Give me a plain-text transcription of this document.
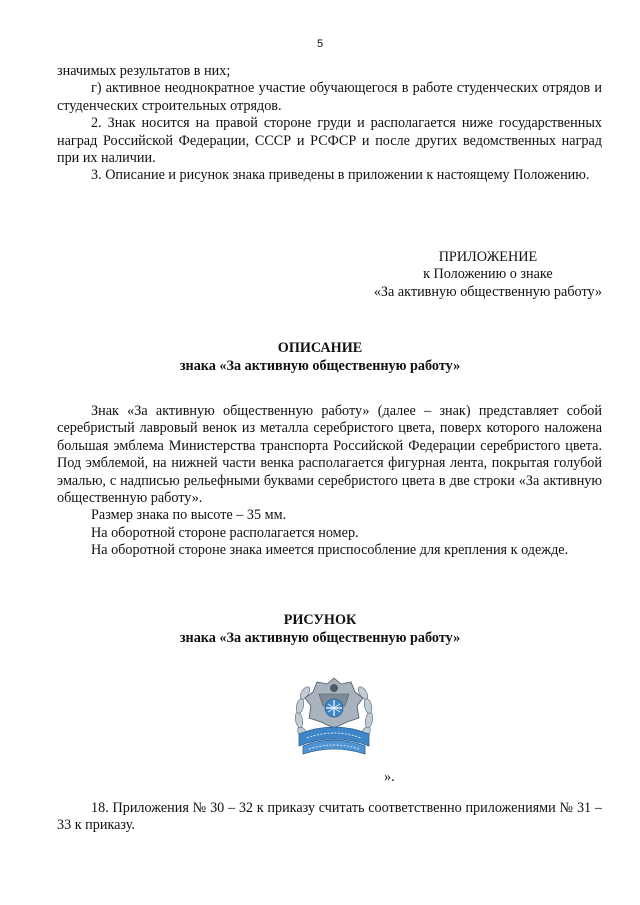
5

значимых результатов в них;

г) активное неоднократное участие обучающегося в работе студенческих отрядов и студенческих строительных отрядов.

2. Знак носится на правой стороне груди и располагается ниже государственных наград Российской Федерации, СССР и РСФСР и после других ведомственных наград при их наличии.

3. Описание и рисунок знака приведены в приложении к настоящему Положению.

ПРИЛОЖЕНИЕ
к Положению о знаке
«За активную общественную работу»
ОПИСАНИЕ
знака «За активную общественную работу»

Знак «За активную общественную работу» (далее – знак) представляет собой серебристый лавровый венок из металла серебристого цвета, поверх которого наложена большая эмблема Министерства транспорта Российской Федерации серебристого цвета. Под эмблемой, на нижней части венка располагается фигурная лента, покрытая голубой эмалью, с надписью рельефными буквами серебристого цвета в две строки «За активную общественную работу».

Размер знака по высоте – 35 мм.

На оборотной стороне располагается номер.

На оборотной стороне знака имеется приспособление для крепления к одежде.

РИСУНОК
знака «За активную общественную работу»
».

18. Приложения № 30 – 32 к приказу считать соответственно приложениями № 31 – 33 к приказу.
